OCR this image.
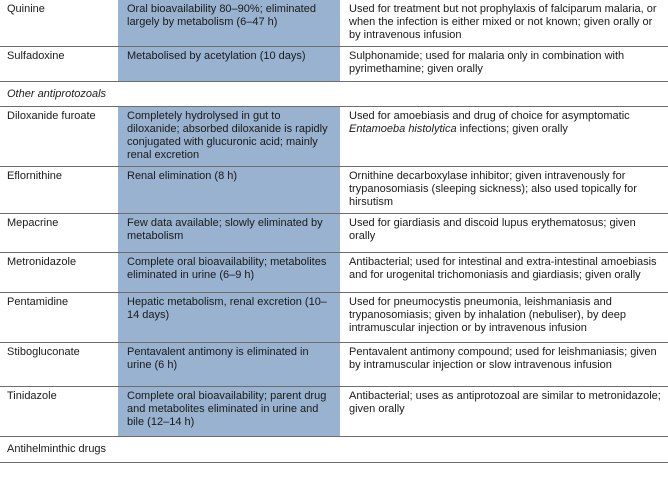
Quinine	Oral bioavailability 80–90%; eliminated largely by metabolism (6–47 h)	Used for treatment but not prophylaxis of falciparum malaria, or when the infection is either mixed or not known; given orally or by intravenous infusion
Sulfadoxine	Metabolised by acetylation (10 days)	Sulphonamide; used for malaria only in combination with pyrimethamine; given orally
Other antiprotozoals		
Diloxanide furoate	Completely hydrolysed in gut to diloxanide; absorbed diloxanide is rapidly conjugated with glucuronic acid; mainly renal excretion	Used for amoebiasis and drug of choice for asymptomatic Entamoeba histolytica infections; given orally
Eflornithine	Renal elimination (8 h)	Ornithine decarboxylase inhibitor; given intravenously for trypanosomiasis (sleeping sickness); also used topically for hirsutism
Mepacrine	Few data available; slowly eliminated by metabolism	Used for giardiasis and discoid lupus erythematosus; given orally
Metronidazole	Complete oral bioavailability; metabolites eliminated in urine (6–9 h)	Antibacterial; used for intestinal and extra-intestinal amoebiasis and for urogenital trichomoniasis and giardiasis; given orally
Pentamidine	Hepatic metabolism, renal excretion (10–14 days)	Used for pneumocystis pneumonia, leishmaniasis and trypanosomiasis; given by inhalation (nebuliser), by deep intramuscular injection or by intravenous infusion
Stibogluconate	Pentavalent antimony is eliminated in urine (6 h)	Pentavalent antimony compound; used for leishmaniasis; given by intramuscular injection or slow intravenous infusion
Tinidazole	Complete oral bioavailability; parent drug and metabolites eliminated in urine and bile (12–14 h)	Antibacterial; uses as antiprotozoal are similar to metronidazole; given orally
Antihelminthic drugs		
